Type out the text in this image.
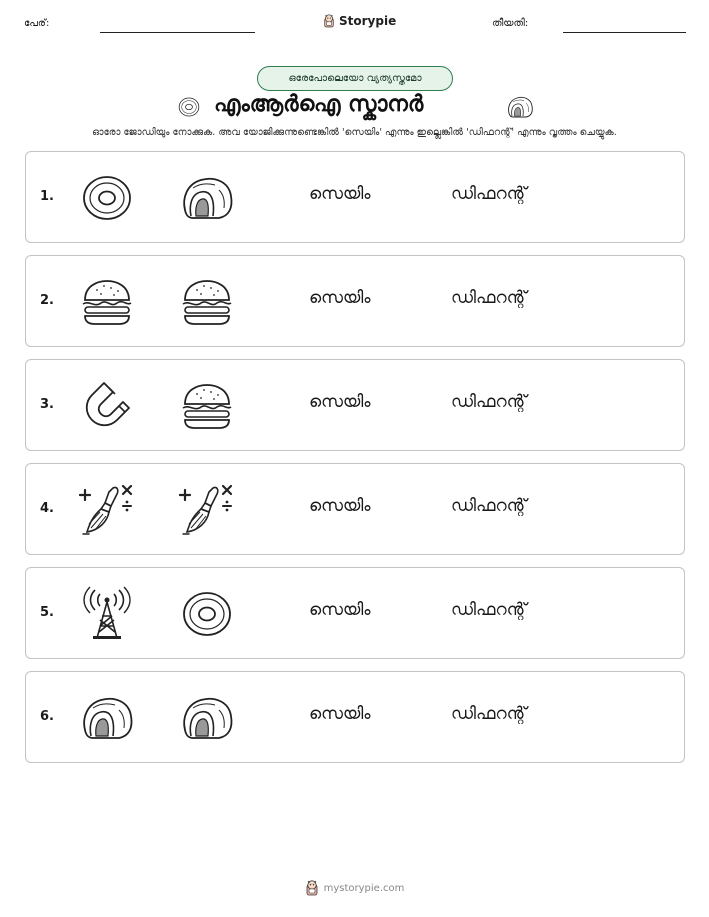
പേര്:	Storypie	തീയതി:
ഒരേപോലെയോ വ്യത്യസ്തമോ
എംആർഐ സ്കാനർ
ഓരോ ജോഡിയും നോക്കുക. അവ യോജിക്കുന്നുണ്ടെങ്കിൽ 'സെയിം' എന്നും ഇല്ലെങ്കിൽ 'ഡിഫറന്റ്' എന്നും വൃത്തം ചെയ്യുക.
1.	സെയിം	ഡിഫറന്റ്
2.	സെയിം	ഡിഫറന്റ്
3.	സെയിം	ഡിഫറന്റ്
4.	സെയിം	ഡിഫറന്റ്
5.	സെയിം	ഡിഫറന്റ്
6.	സെയിം	ഡിഫറന്റ്
mystorypie.com
